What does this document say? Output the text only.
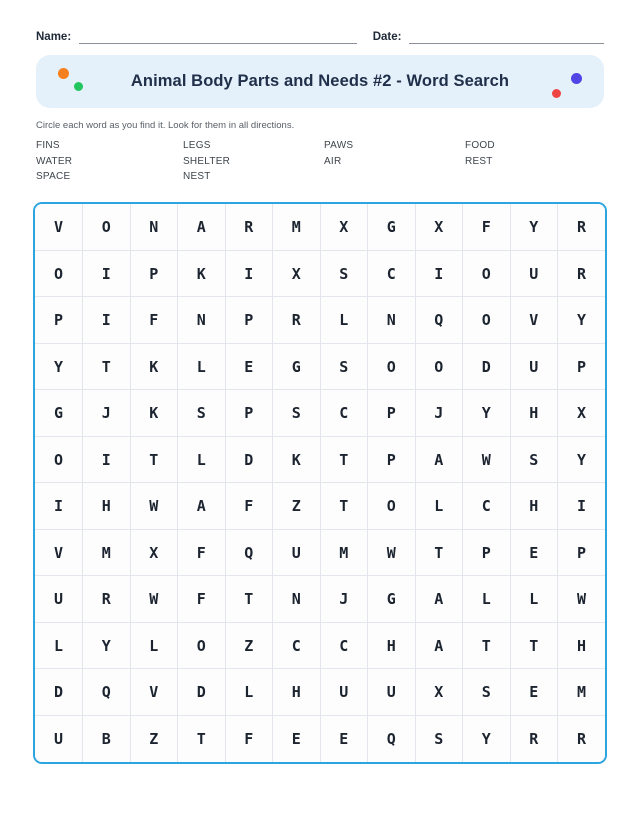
Name:	Date:
Animal Body Parts and Needs #2 - Word Search
Circle each word as you find it. Look for them in all directions.
FINS	LEGS	PAWS	FOOD
WATER	SHELTER	AIR	REST
SPACE	NEST
V	O	N	A	R	M	X	G	X	F	Y	R
O	I	P	K	I	X	S	C	I	O	U	R
P	I	F	N	P	R	L	N	Q	O	V	Y
Y	T	K	L	E	G	S	O	O	D	U	P
G	J	K	S	P	S	C	P	J	Y	H	X
O	I	T	L	D	K	T	P	A	W	S	Y
I	H	W	A	F	Z	T	O	L	C	H	I
V	M	X	F	Q	U	M	W	T	P	E	P
U	R	W	F	T	N	J	G	A	L	L	W
L	Y	L	O	Z	C	C	H	A	T	T	H
D	Q	V	D	L	H	U	U	X	S	E	M
U	B	Z	T	F	E	E	Q	S	Y	R	R
